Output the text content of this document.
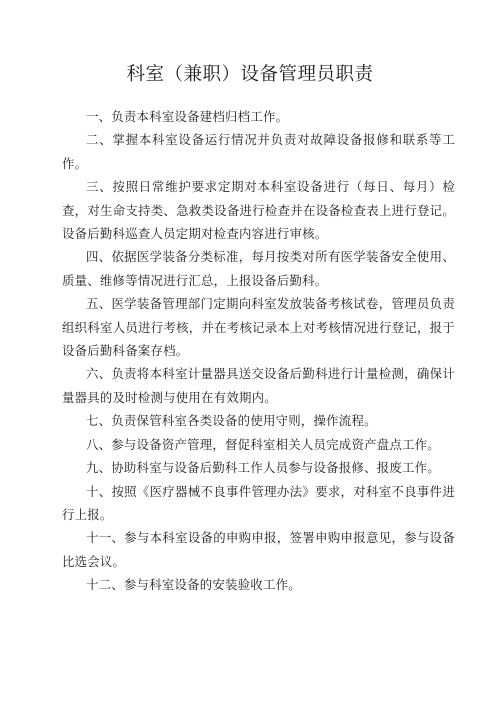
科室（兼职）设备管理员职责

一、负责本科室设备建档归档工作。

二、掌握本科室设备运行情况并负责对故障设备报修和联系等工作。

三、按照日常维护要求定期对本科室设备进行（每日、每月）检查，对生命支持类、急救类设备进行检查并在设备检查表上进行登记。设备后勤科巡查人员定期对检查内容进行审核。

四、依据医学装备分类标准，每月按类对所有医学装备安全使用、质量、维修等情况进行汇总，上报设备后勤科。

五、医学装备管理部门定期向科室发放装备考核试卷，管理员负责组织科室人员进行考核，并在考核记录本上对考核情况进行登记，报于设备后勤科备案存档。

六、负责将本科室计量器具送交设备后勤科进行计量检测，确保计量器具的及时检测与使用在有效期内。

七、负责保管科室各类设备的使用守则，操作流程。

八、参与设备资产管理，督促科室相关人员完成资产盘点工作。

九、协助科室与设备后勤科工作人员参与设备报修、报废工作。

十、按照《医疗器械不良事件管理办法》要求，对科室不良事件进行上报。

十一、参与本科室设备的申购申报，签署申购申报意见，参与设备比选会议。

十二、参与科室设备的安装验收工作。
